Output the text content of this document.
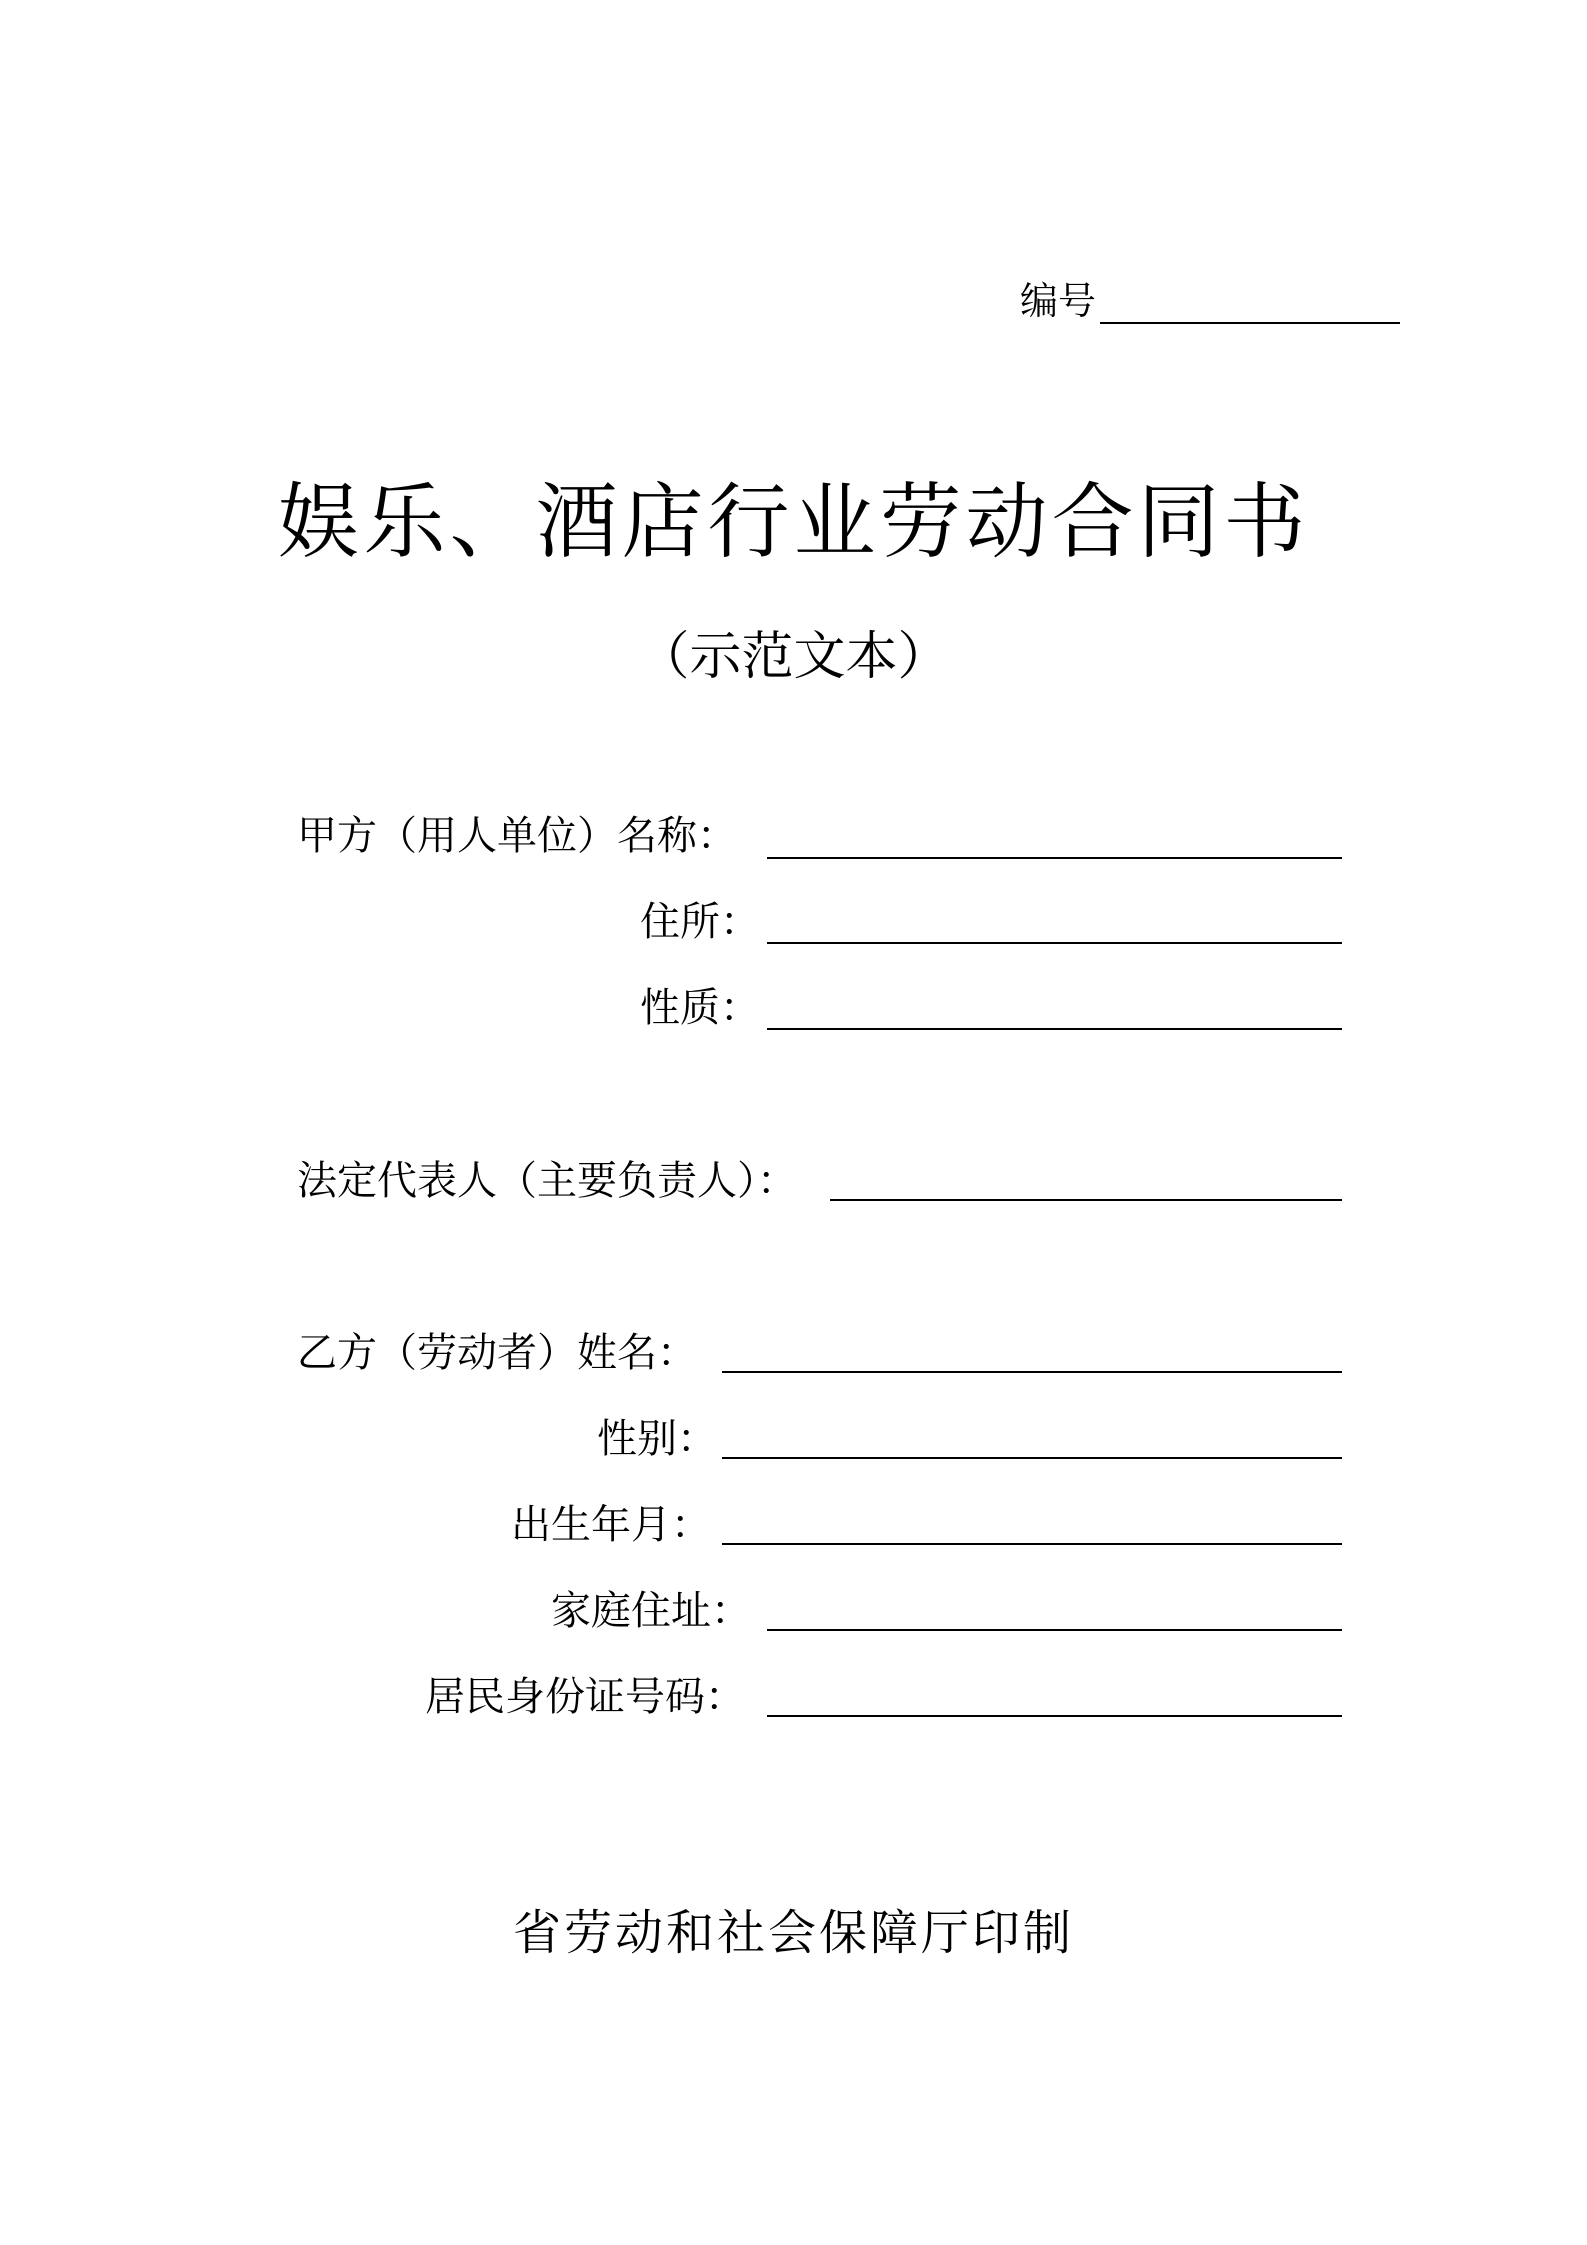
编号
娱乐、酒店行业劳动合同书
（示范文本）
甲方（用人单位）名称：
住所：
性质：
法定代表人（主要负责人）：
乙方（劳动者）姓名：
性别：
出生年月：
家庭住址：
居民身份证号码：
省劳动和社会保障厅印制
